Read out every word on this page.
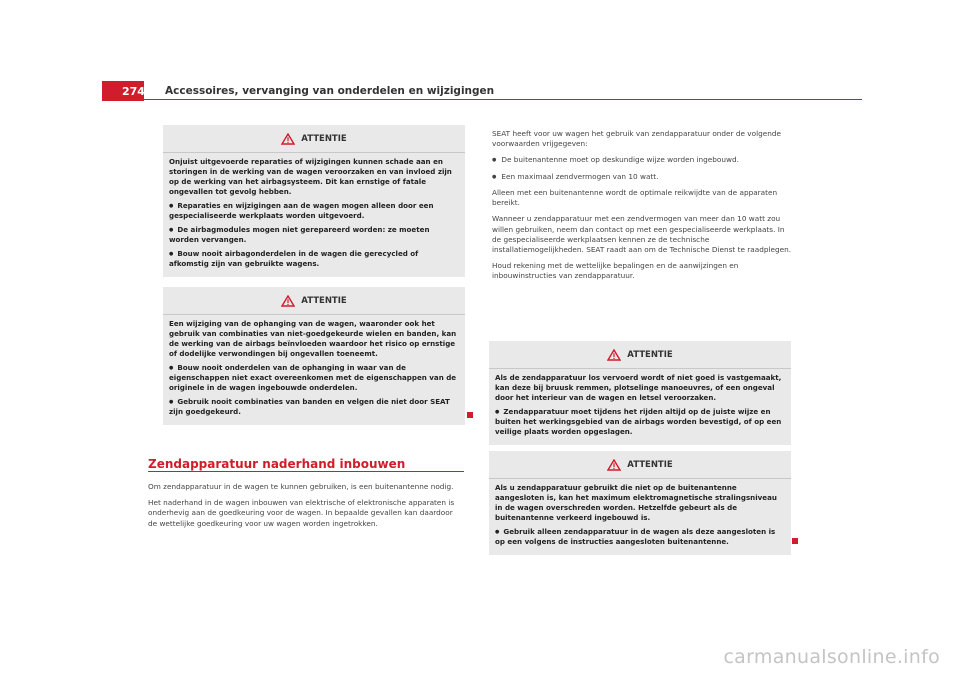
274 Accessoires, vervanging van onderdelen en wijzigingen
ATTENTIE

Onjuist uitgevoerde reparaties of wijzigingen kunnen schade aan en storingen in de werking van de wagen veroorzaken en van invloed zijn op de werking van het airbagsysteem. Dit kan ernstige of fatale ongevallen tot gevolg hebben.

● Reparaties en wijzigingen aan de wagen mogen alleen door een gespecialiseerde werkplaats worden uitgevoerd.

● De airbagmodules mogen niet gerepareerd worden: ze moeten worden vervangen.

● Bouw nooit airbagonderdelen in de wagen die gerecycled of afkomstig zijn van gebruikte wagens.

ATTENTIE

Een wijziging van de ophanging van de wagen, waaronder ook het gebruik van combinaties van niet-goedgekeurde wielen en banden, kan de werking van de airbags beïnvloeden waardoor het risico op ernstige of dodelijke verwondingen bij ongevallen toeneemt.

● Bouw nooit onderdelen van de ophanging in waar van de eigenschappen niet exact overeenkomen met de eigenschappen van de originele in de wagen ingebouwde onderdelen.

● Gebruik nooit combinaties van banden en velgen die niet door SEAT zijn goedgekeurd.

Zendapparatuur naderhand inbouwen

Om zendapparatuur in de wagen te kunnen gebruiken, is een buitenantenne nodig.

Het naderhand in de wagen inbouwen van elektrische of elektronische apparaten is onderhevig aan de goedkeuring voor de wagen. In bepaalde gevallen kan daardoor de wettelijke goedkeuring voor uw wagen worden ingetrokken.

SEAT heeft voor uw wagen het gebruik van zendapparatuur onder de volgende voorwaarden vrijgegeven:

● De buitenantenne moet op deskundige wijze worden ingebouwd.

● Een maximaal zendvermogen van 10 watt.

Alleen met een buitenantenne wordt de optimale reikwijdte van de apparaten bereikt.

Wanneer u zendapparatuur met een zendvermogen van meer dan 10 watt zou willen gebruiken, neem dan contact op met een gespecialiseerde werkplaats. In de gespecialiseerde werkplaatsen kennen ze de technische installatiemogelijkheden. SEAT raadt aan om de Technische Dienst te raadplegen.

Houd rekening met de wettelijke bepalingen en de aanwijzingen en inbouwinstructies van zendapparatuur.

ATTENTIE

Als de zendapparatuur los vervoerd wordt of niet goed is vastgemaakt, kan deze bij bruusk remmen, plotselinge manoeuvres, of een ongeval door het interieur van de wagen en letsel veroorzaken.

● Zendapparatuur moet tijdens het rijden altijd op de juiste wijze en buiten het werkingsgebied van de airbags worden bevestigd, of op een veilige plaats worden opgeslagen.

ATTENTIE

Als u zendapparatuur gebruikt die niet op de buitenantenne aangesloten is, kan het maximum elektromagnetische stralingsniveau in de wagen overschreden worden. Hetzelfde gebeurt als de buitenantenne verkeerd ingebouwd is.

● Gebruik alleen zendapparatuur in de wagen als deze aangesloten is op een volgens de instructies aangesloten buitenantenne.

carmanualsonline.info
